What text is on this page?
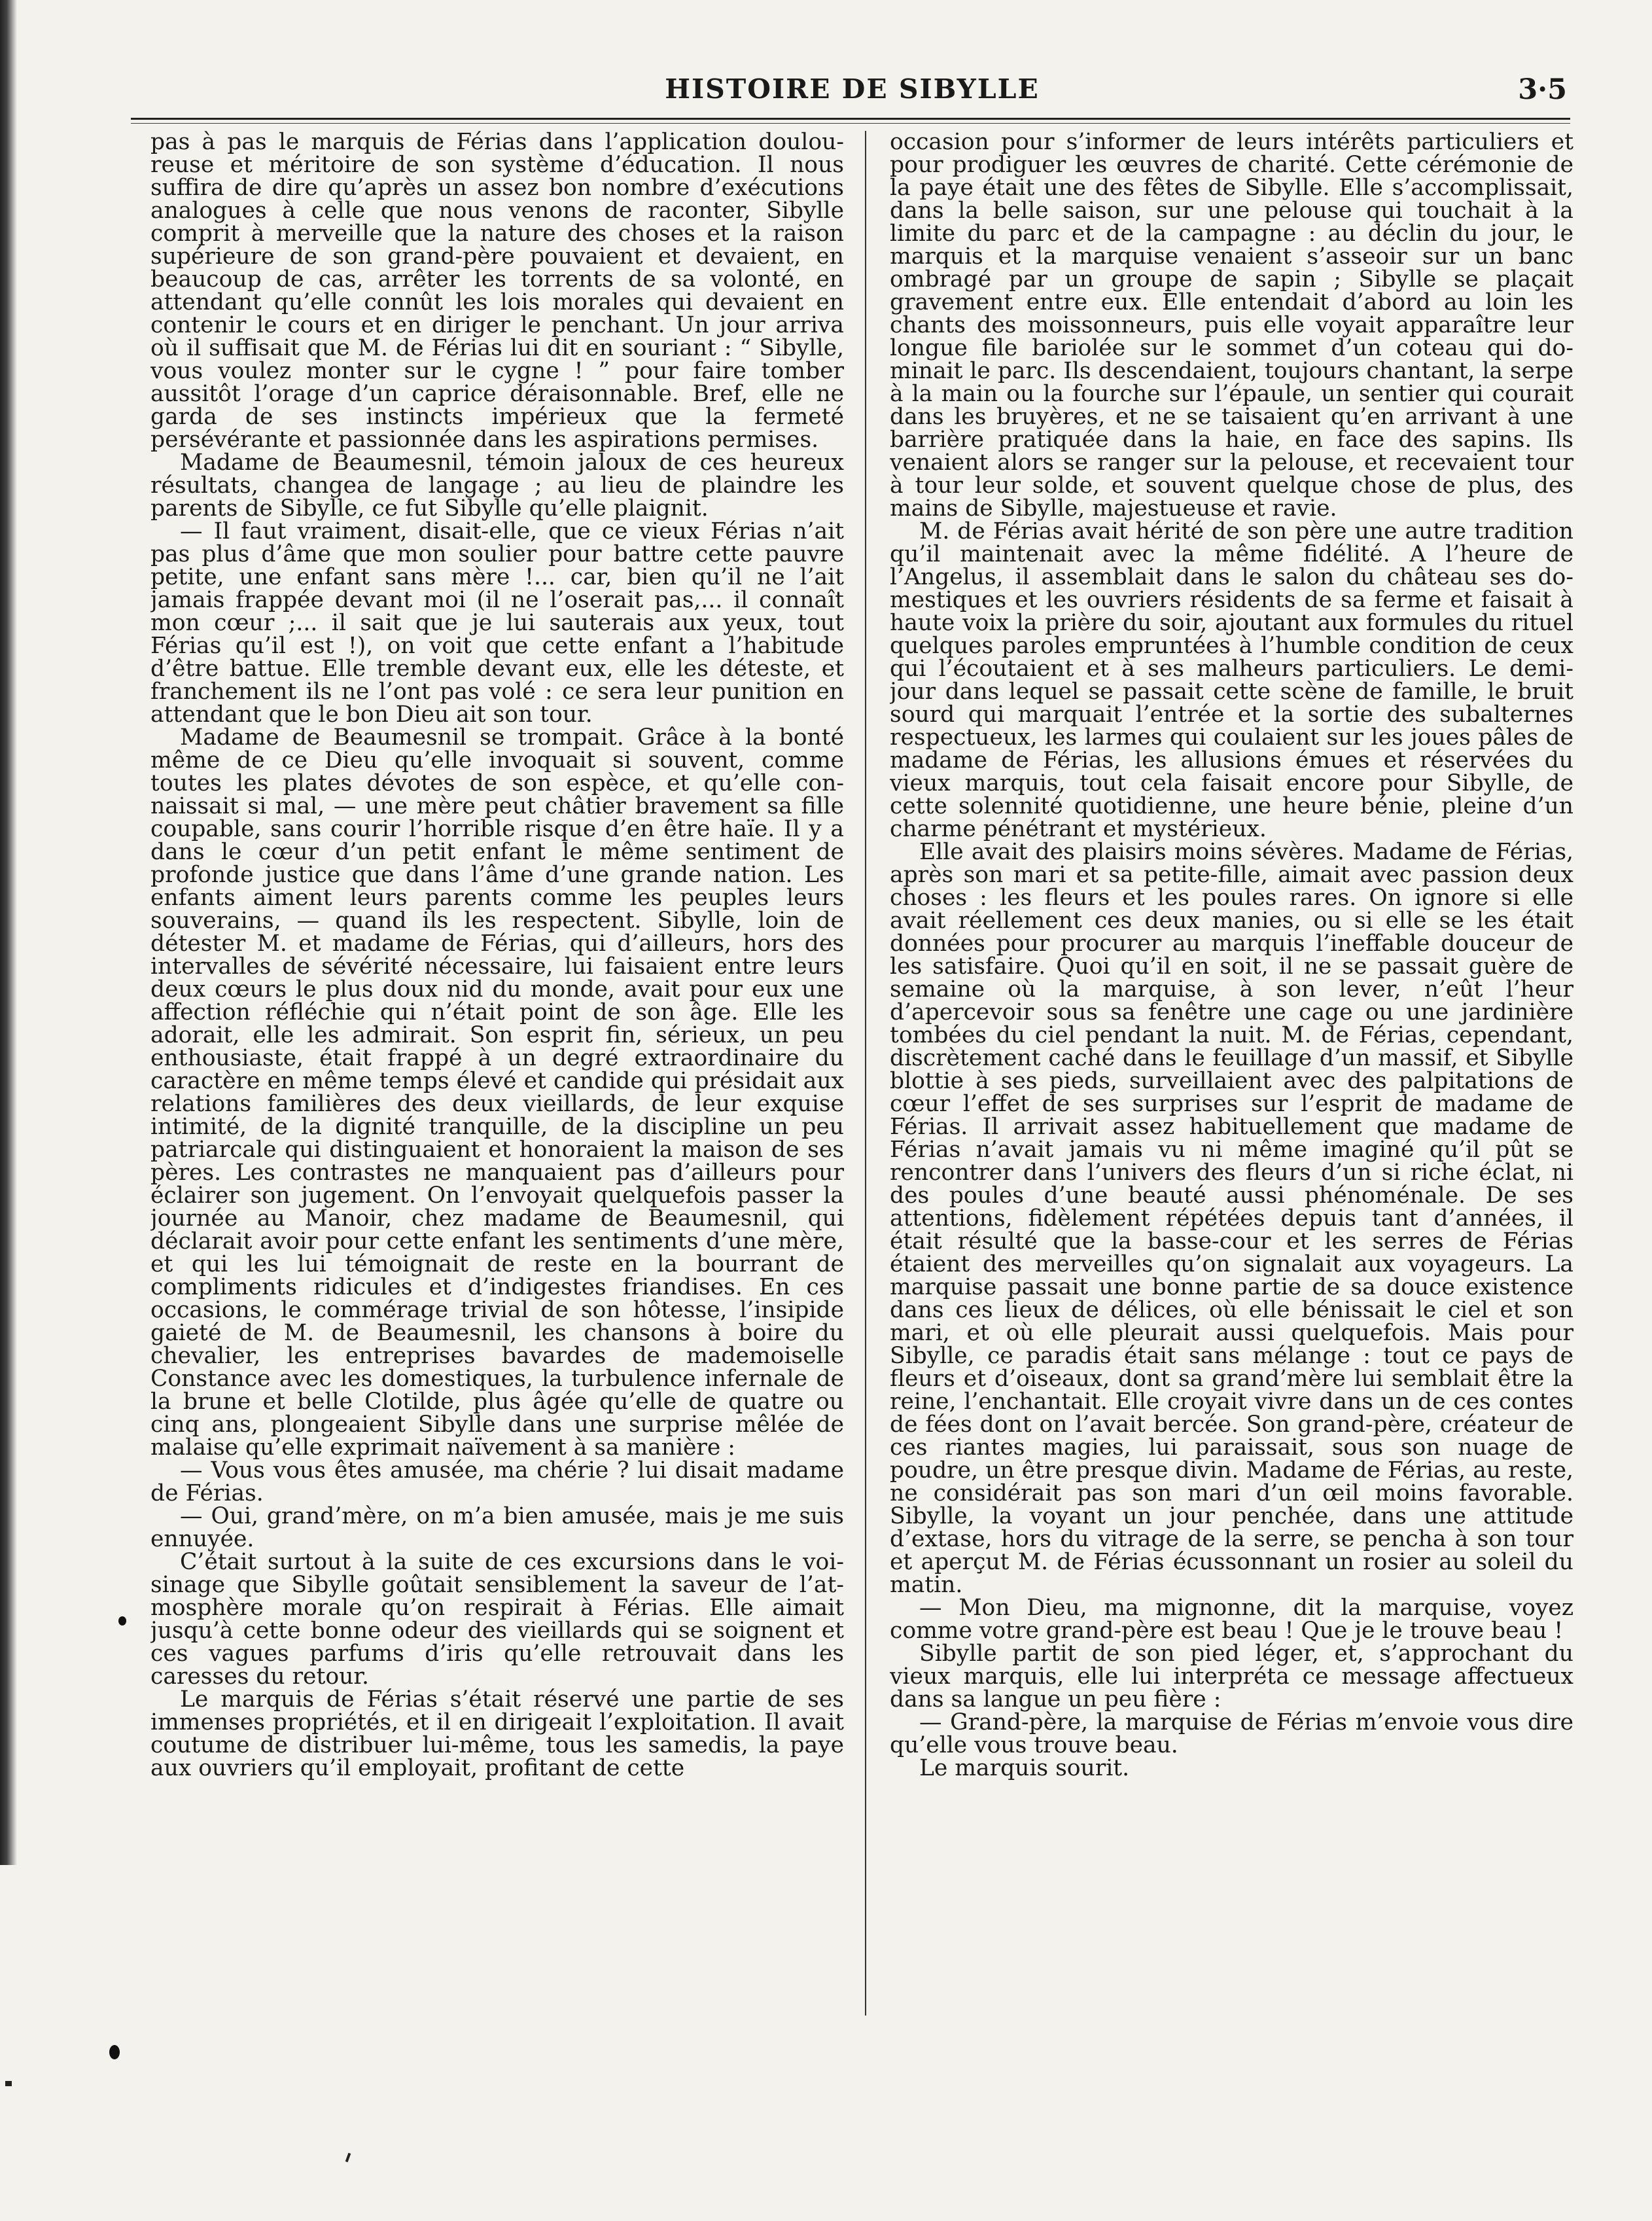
HISTOIRE DE SIBYLLE	3·5

pas à pas le marquis de Férias dans l’application douloureuse et méritoire de son système d’éducation. Il nous suffira de dire qu’après un assez bon nombre d’exécutions analogues à celle que nous venons de raconter, Sibylle comprit à merveille que la nature des choses et la raison supérieure de son grand-père pouvaient et devaient, en beaucoup de cas, arrêter les torrents de sa volonté, en attendant qu’elle connût les lois morales qui devaient en contenir le cours et en diriger le penchant. Un jour arriva où il suffisait que M. de Férias lui dit en souriant : “ Sibylle, vous voulez monter sur le cygne ! ” pour faire tomber aussitôt l’orage d’un caprice déraisonnable. Bref, elle ne garda de ses instincts impérieux que la fermeté persévérante et passionnée dans les aspirations permises.

Madame de Beaumesnil, témoin jaloux de ces heureux résultats, changea de langage ; au lieu de plaindre les parents de Sibylle, ce fut Sibylle qu’elle plaignit.

— Il faut vraiment, disait-elle, que ce vieux Férias n’ait pas plus d’âme que mon soulier pour battre cette pauvre petite, une enfant sans mère !... car, bien qu’il ne l’ait jamais frappée devant moi (il ne l’oserait pas,... il connaît mon cœur ;... il sait que je lui sauterais aux yeux, tout Férias qu’il est !), on voit que cette enfant a l’habitude d’être battue. Elle tremble devant eux, elle les déteste, et franchement ils ne l’ont pas volé : ce sera leur punition en attendant que le bon Dieu ait son tour.

Madame de Beaumesnil se trompait. Grâce à la bonté même de ce Dieu qu’elle invoquait si souvent, comme toutes les plates dévotes de son espèce, et qu’elle connaissait si mal, — une mère peut châtier bravement sa fille coupable, sans courir l’horrible risque d’en être haïe. Il y a dans le cœur d’un petit enfant le même sentiment de profonde justice que dans l’âme d’une grande nation. Les enfants aiment leurs parents comme les peuples leurs souverains, — quand ils les respectent. Sibylle, loin de détester M. et madame de Férias, qui d’ailleurs, hors des intervalles de sévérité nécessaire, lui faisaient entre leurs deux cœurs le plus doux nid du monde, avait pour eux une affection réfléchie qui n’était point de son âge. Elle les adorait, elle les admirait. Son esprit fin, sérieux, un peu enthousiaste, était frappé à un degré extraordinaire du caractère en même temps élevé et candide qui présidait aux relations familières des deux vieillards, de leur exquise intimité, de la dignité tranquille, de la discipline un peu patriarcale qui distinguaient et honoraient la maison de ses pères. Les contrastes ne manquaient pas d’ailleurs pour éclairer son jugement. On l’envoyait quelquefois passer la journée au Manoir, chez madame de Beaumesnil, qui déclarait avoir pour cette enfant les sentiments d’une mère, et qui les lui témoignait de reste en la bourrant de compliments ridicules et d’indigestes friandises. En ces occasions, le commérage trivial de son hôtesse, l’insipide gaieté de M. de Beaumesnil, les chansons à boire du chevalier, les entreprises bavardes de mademoiselle Constance avec les domestiques, la turbulence infernale de la brune et belle Clotilde, plus âgée qu’elle de quatre ou cinq ans, plongeaient Sibylle dans une surprise mêlée de malaise qu’elle exprimait naïvement à sa manière :

— Vous vous êtes amusée, ma chérie ? lui disait madame de Férias.

— Oui, grand’mère, on m’a bien amusée, mais je me suis ennuyée.

C’était surtout à la suite de ces excursions dans le voisinage que Sibylle goûtait sensiblement la saveur de l’atmosphère morale qu’on respirait à Férias. Elle aimait jusqu’à cette bonne odeur des vieillards qui se soignent et ces vagues parfums d’iris qu’elle retrouvait dans les caresses du retour.

Le marquis de Férias s’était réservé une partie de ses immenses propriétés, et il en dirigeait l’exploitation. Il avait coutume de distribuer lui-même, tous les samedis, la paye aux ouvriers qu’il employait, profitant de cette

occasion pour s’informer de leurs intérêts particuliers et pour prodiguer les œuvres de charité. Cette cérémonie de la paye était une des fêtes de Sibylle. Elle s’accomplissait, dans la belle saison, sur une pelouse qui touchait à la limite du parc et de la campagne : au déclin du jour, le marquis et la marquise venaient s’asseoir sur un banc ombragé par un groupe de sapin ; Sibylle se plaçait gravement entre eux. Elle entendait d’abord au loin les chants des moissonneurs, puis elle voyait apparaître leur longue file bariolée sur le sommet d’un coteau qui dominait le parc. Ils descendaient, toujours chantant, la serpe à la main ou la fourche sur l’épaule, un sentier qui courait dans les bruyères, et ne se taisaient qu’en arrivant à une barrière pratiquée dans la haie, en face des sapins. Ils venaient alors se ranger sur la pelouse, et recevaient tour à tour leur solde, et souvent quelque chose de plus, des mains de Sibylle, majestueuse et ravie.

M. de Férias avait hérité de son père une autre tradition qu’il maintenait avec la même fidélité. A l’heure de l’Angelus, il assemblait dans le salon du château ses domestiques et les ouvriers résidents de sa ferme et faisait à haute voix la prière du soir, ajoutant aux formules du rituel quelques paroles empruntées à l’humble condition de ceux qui l’écoutaient et à ses malheurs particuliers. Le demi-jour dans lequel se passait cette scène de famille, le bruit sourd qui marquait l’entrée et la sortie des subalternes respectueux, les larmes qui coulaient sur les joues pâles de madame de Férias, les allusions émues et réservées du vieux marquis, tout cela faisait encore pour Sibylle, de cette solennité quotidienne, une heure bénie, pleine d’un charme pénétrant et mystérieux.

Elle avait des plaisirs moins sévères. Madame de Férias, après son mari et sa petite-fille, aimait avec passion deux choses : les fleurs et les poules rares. On ignore si elle avait réellement ces deux manies, ou si elle se les était données pour procurer au marquis l’ineffable douceur de les satisfaire. Quoi qu’il en soit, il ne se passait guère de semaine où la marquise, à son lever, n’eût l’heur d’apercevoir sous sa fenêtre une cage ou une jardinière tombées du ciel pendant la nuit. M. de Férias, cependant, discrètement caché dans le feuillage d’un massif, et Sibylle blottie à ses pieds, surveillaient avec des palpitations de cœur l’effet de ses surprises sur l’esprit de madame de Férias. Il arrivait assez habituellement que madame de Férias n’avait jamais vu ni même imaginé qu’il pût se rencontrer dans l’univers des fleurs d’un si riche éclat, ni des poules d’une beauté aussi phénoménale. De ses attentions, fidèlement répétées depuis tant d’années, il était résulté que la basse-cour et les serres de Férias étaient des merveilles qu’on signalait aux voyageurs. La marquise passait une bonne partie de sa douce existence dans ces lieux de délices, où elle bénissait le ciel et son mari, et où elle pleurait aussi quelquefois. Mais pour Sibylle, ce paradis était sans mélange : tout ce pays de fleurs et d’oiseaux, dont sa grand’mère lui semblait être la reine, l’enchantait. Elle croyait vivre dans un de ces contes de fées dont on l’avait bercée. Son grand-père, créateur de ces riantes magies, lui paraissait, sous son nuage de poudre, un être presque divin. Madame de Férias, au reste, ne considérait pas son mari d’un œil moins favorable. Sibylle, la voyant un jour penchée, dans une attitude d’extase, hors du vitrage de la serre, se pencha à son tour et aperçut M. de Férias écussonnant un rosier au soleil du matin.

— Mon Dieu, ma mignonne, dit la marquise, voyez comme votre grand-père est beau ! Que je le trouve beau !

Sibylle partit de son pied léger, et, s’approchant du vieux marquis, elle lui interpréta ce message affectueux dans sa langue un peu fière :

— Grand-père, la marquise de Férias m’envoie vous dire qu’elle vous trouve beau.

Le marquis sourit.
